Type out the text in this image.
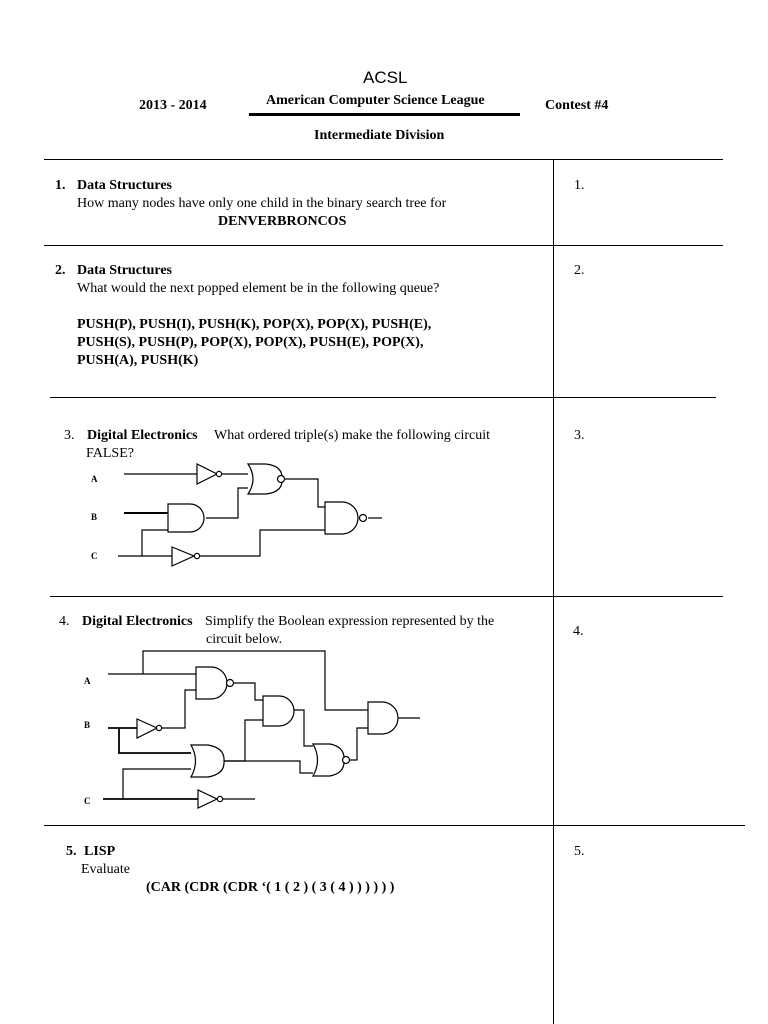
ACSL
2013 - 2014	American Computer Science League	Contest #4
Intermediate Division
1. Data Structures
How many nodes have only one child in the binary search tree for
DENVERBRONCOS
1.
2. Data Structures
What would the next popped element be in the following queue?
PUSH(P), PUSH(I), PUSH(K), POP(X), POP(X), PUSH(E),
PUSH(S), PUSH(P), POP(X), POP(X), PUSH(E), POP(X),
PUSH(A), PUSH(K)
2.
3. Digital Electronics What ordered triple(s) make the following circuit
FALSE?
3.
A
B
C
4. Digital Electronics Simplify the Boolean expression represented by the
circuit below.
4.
A
B
C
5. LISP
Evaluate
(CAR (CDR (CDR ‘( 1 ( 2 ) ( 3 ( 4 ) ) ) ) ) )
5.
